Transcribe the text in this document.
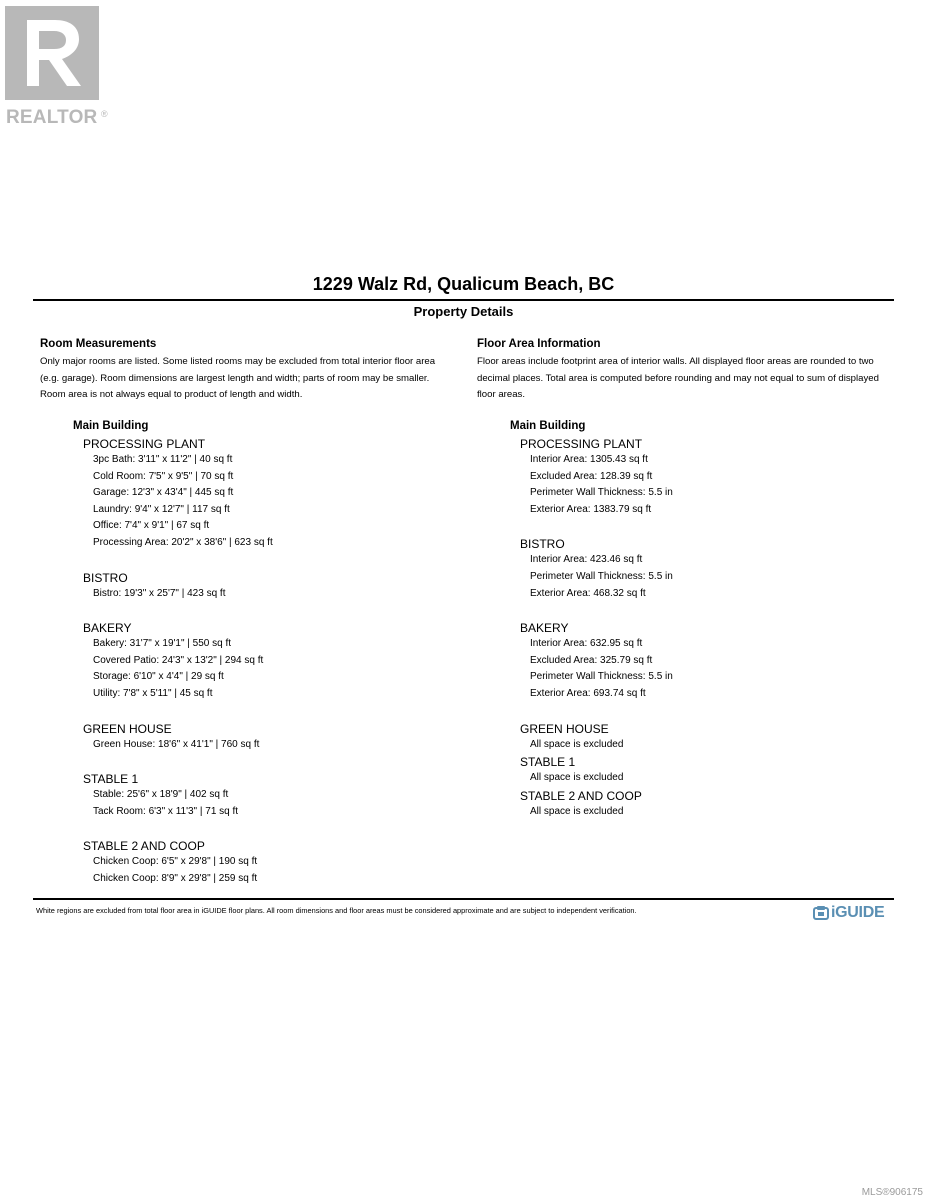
REALTOR ®
1229 Walz Rd, Qualicum Beach, BC
Property Details
Room Measurements
Only major rooms are listed. Some listed rooms may be excluded from total interior floor area
(e.g. garage). Room dimensions are largest length and width; parts of room may be smaller.
Room area is not always equal to product of length and width.
Floor Area Information
Floor areas include footprint area of interior walls. All displayed floor areas are rounded to two
decimal places. Total area is computed before rounding and may not equal to sum of displayed
floor areas.
Main Building
PROCESSING PLANT
3pc Bath: 3'11" x 11'2" | 40 sq ft
Cold Room: 7'5" x 9'5" | 70 sq ft
Garage: 12'3" x 43'4" | 445 sq ft
Laundry: 9'4" x 12'7" | 117 sq ft
Office: 7'4" x 9'1" | 67 sq ft
Processing Area: 20'2" x 38'6" | 623 sq ft
BISTRO
Bistro: 19'3" x 25'7" | 423 sq ft
BAKERY
Bakery: 31'7" x 19'1" | 550 sq ft
Covered Patio: 24'3" x 13'2" | 294 sq ft
Storage: 6'10" x 4'4" | 29 sq ft
Utility: 7'8" x 5'11" | 45 sq ft
GREEN HOUSE
Green House: 18'6" x 41'1" | 760 sq ft
STABLE 1
Stable: 25'6" x 18'9" | 402 sq ft
Tack Room: 6'3" x 11'3" | 71 sq ft
STABLE 2 AND COOP
Chicken Coop: 6'5" x 29'8" | 190 sq ft
Chicken Coop: 8'9" x 29'8" | 259 sq ft
Main Building
PROCESSING PLANT
Interior Area: 1305.43 sq ft
Excluded Area: 128.39 sq ft
Perimeter Wall Thickness: 5.5 in
Exterior Area: 1383.79 sq ft
BISTRO
Interior Area: 423.46 sq ft
Perimeter Wall Thickness: 5.5 in
Exterior Area: 468.32 sq ft
BAKERY
Interior Area: 632.95 sq ft
Excluded Area: 325.79 sq ft
Perimeter Wall Thickness: 5.5 in
Exterior Area: 693.74 sq ft
GREEN HOUSE
All space is excluded
STABLE 1
All space is excluded
STABLE 2 AND COOP
All space is excluded
White regions are excluded from total floor area in iGUIDE floor plans. All room dimensions and floor areas must be considered approximate and are subject to independent verification.	iGUIDE
MLS®906175
